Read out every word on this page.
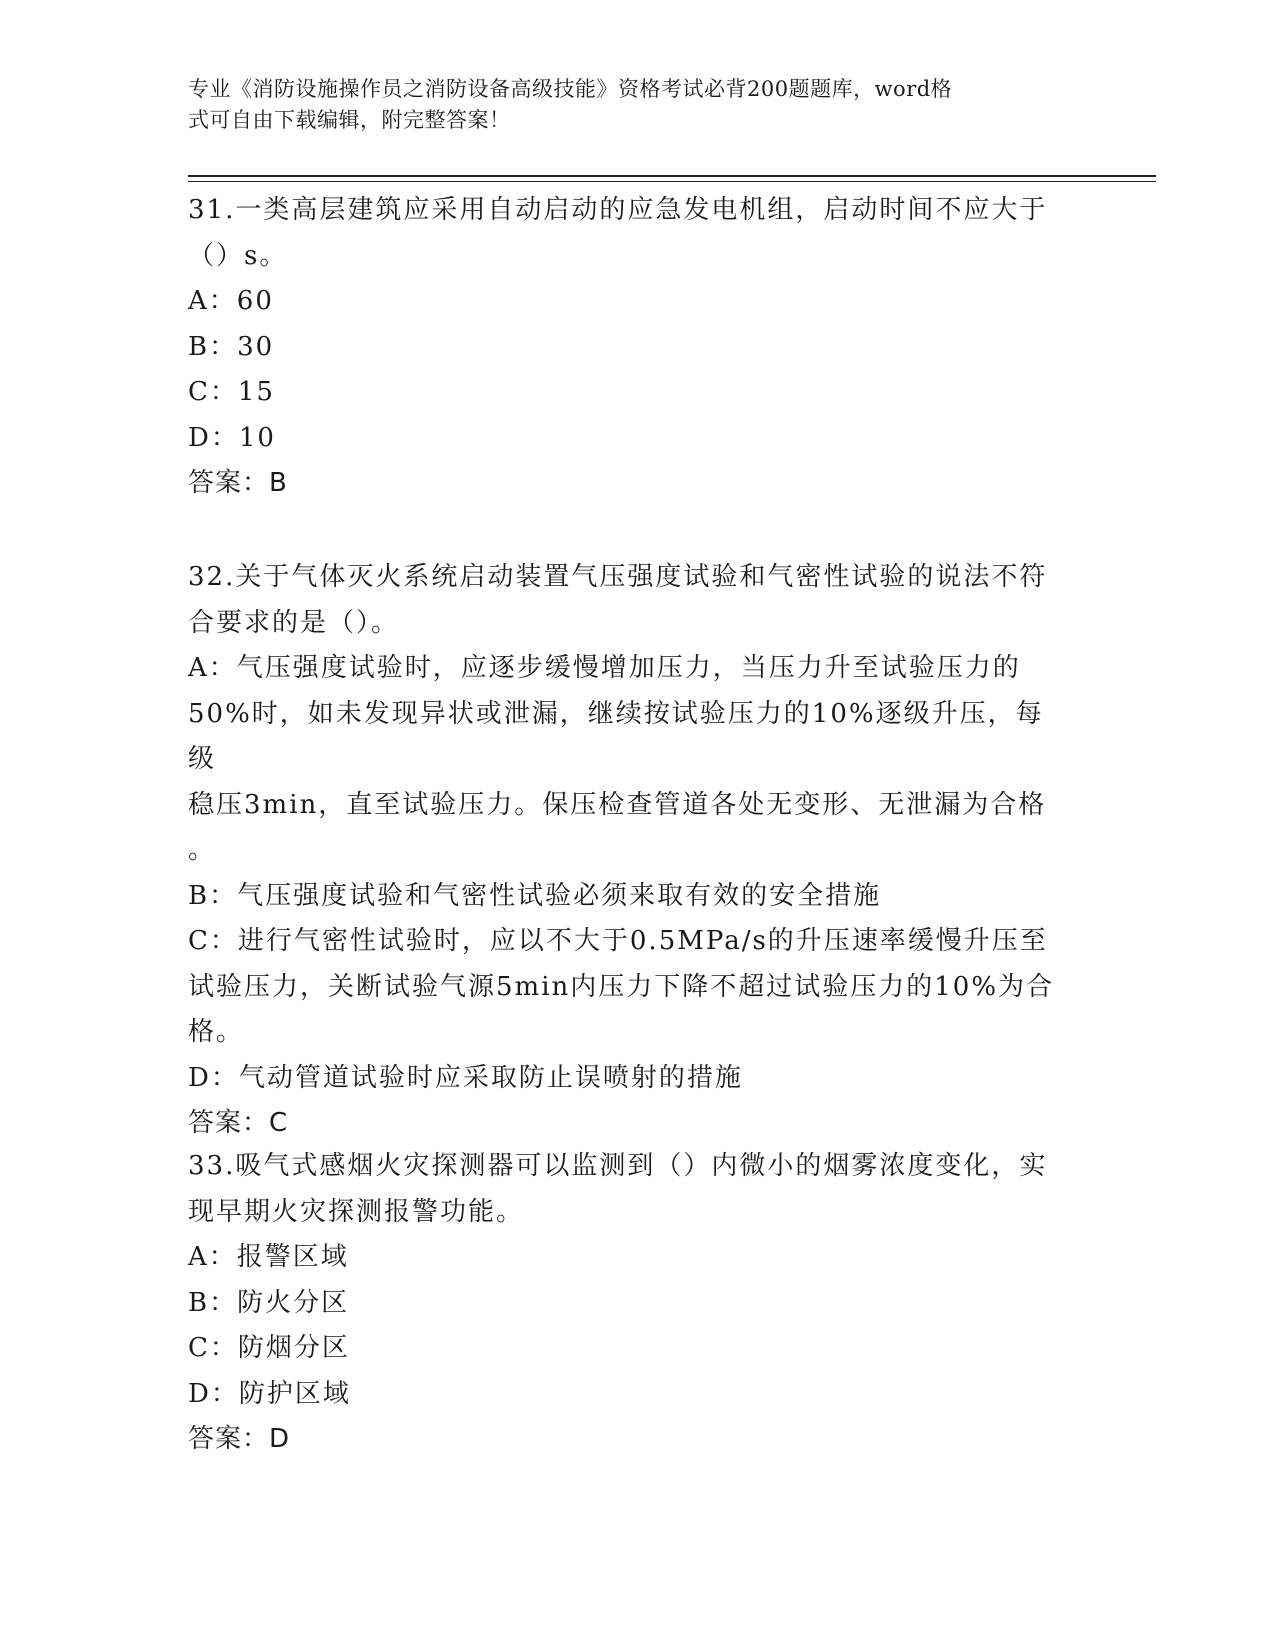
专业《消防设施操作员之消防设备高级技能》资格考试必背200题题库，word格
式可自由下载编辑，附完整答案！
31.一类高层建筑应采用自动启动的应急发电机组，启动时间不应大于
（）s。
A：60
B：30
C：15
D：10
答案：B
32.关于气体灭火系统启动装置气压强度试验和气密性试验的说法不符
合要求的是（）。
A：气压强度试验时，应逐步缓慢增加压力，当压力升至试验压力的
50%时，如未发现异状或泄漏，继续按试验压力的10%逐级升压，每级
稳压3min，直至试验压力。保压检查管道各处无变形、无泄漏为合格
。
B：气压强度试验和气密性试验必须来取有效的安全措施
C：进行气密性试验时，应以不大于0.5MPa/s的升压速率缓慢升压至
试验压力，关断试验气源5min内压力下降不超过试验压力的10%为合
格。
D：气动管道试验时应采取防止误喷射的措施
答案：C
33.吸气式感烟火灾探测器可以监测到（）内微小的烟雾浓度变化，实
现早期火灾探测报警功能。
A：报警区域
B：防火分区
C：防烟分区
D：防护区域
答案：D
